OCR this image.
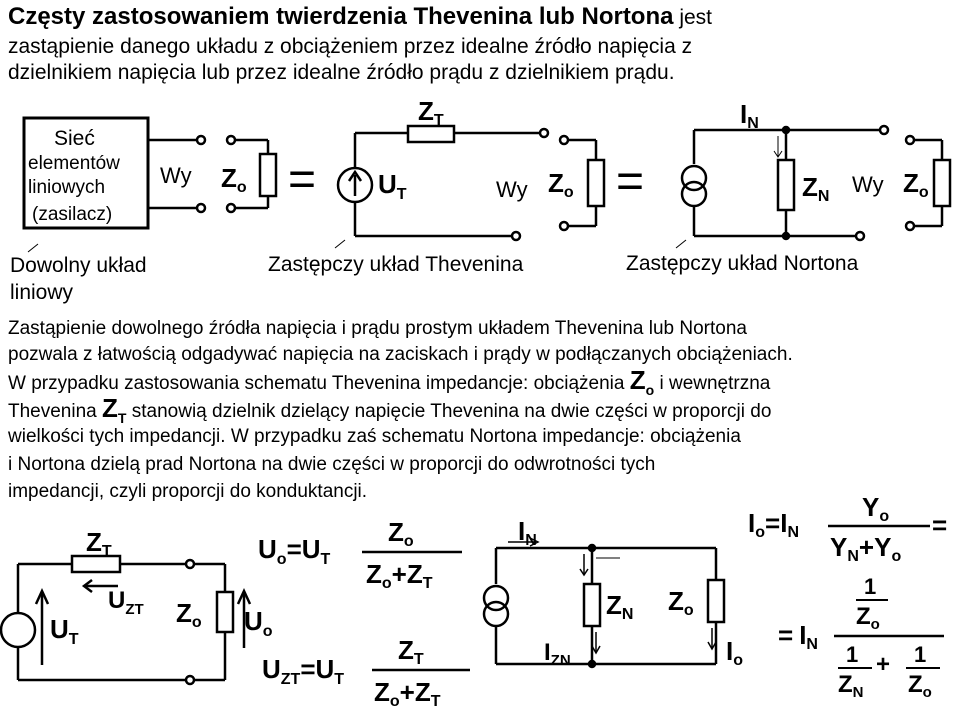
Częsty zastosowaniem twierdzenia Thevenina lub Nortona jest
zastąpienie danego układu z obciążeniem przez idealne źródło napięcia z
dzielnikiem napięcia lub przez idealne źródło prądu z dzielnikiem prądu.
Zastąpienie dowolnego źródła napięcia i prądu prostym układem Thevenina lub Nortona
pozwala z łatwością odgadywać napięcia na zaciskach i prądy w podłączanych obciążeniach.
W przypadku zastosowania schematu Thevenina impedancje: obciążenia $Z_o$ i wewnętrzna
Thevenina $Z_T$ stanowią dzielnik dzielący napięcie Thevenina na dwie części w proporcji do
wielkości tych impedancji. W przypadku zaś schematu Nortona impedancje: obciążenia
i Nortona dzielą prad Nortona na dwie części w proporcji do odwrotności tych
impedancji, czyli proporcji do konduktancji.
Sieć
elementów
liniowych
(zasilacz)
Wy
Dowolny układ
liniowy
Zo =
ZT
$U_T$	Wy
Zastępczy układ Thevenina
Zo =
IN
ZN Wy
Zastępczy układ Nortona
Zo
ZT
$U_T$
$U_{ZT}$ Zo $U_o$
$U_o=U_T$
Zo
Zo+ZT
$U_{ZT}=U_T$
ZT
Zo+ZT
IN
ZN Zo
$I_{ZN}$	Io
Io=IN
Yo
YN+Yo
=
1
$Z_o$
= IN 1
$Z_N$
+ 1
$Z_o$
